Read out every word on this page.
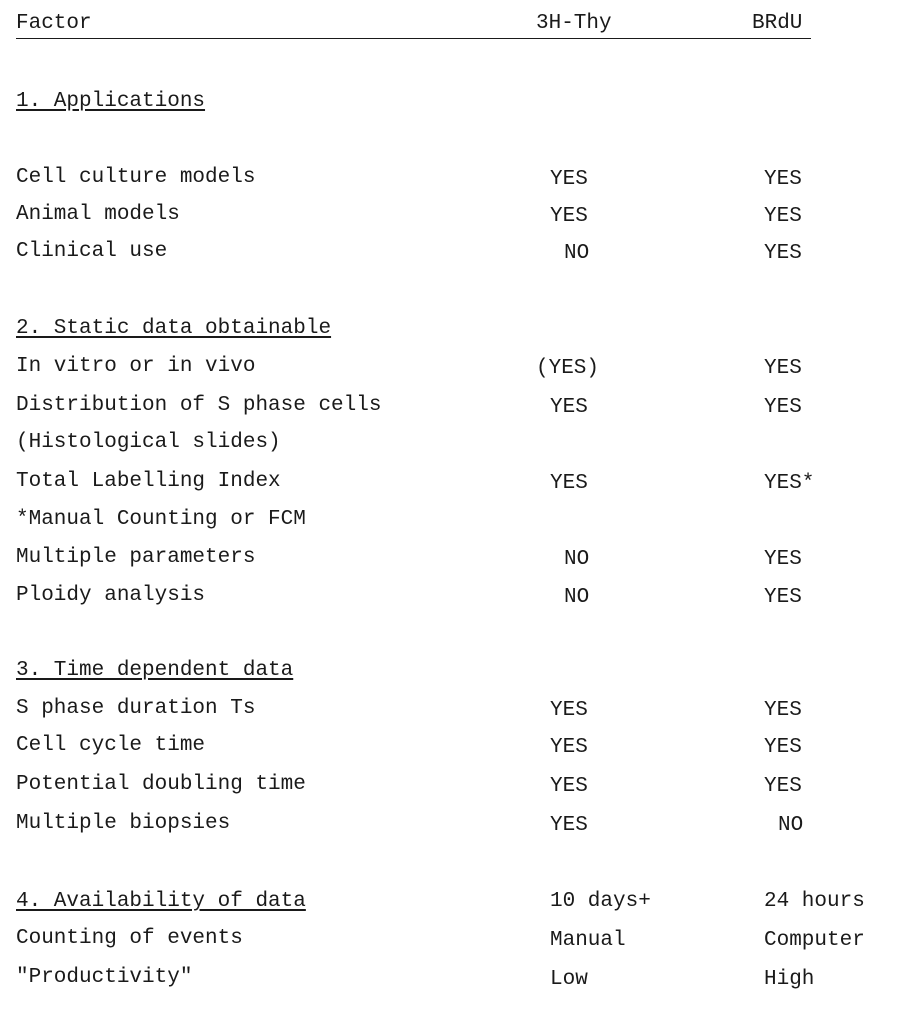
Factor	3H-Thy	BRdU
1. Applications
Cell culture models	YES	YES
Animal models	YES	YES
Clinical use	NO	YES
2. Static data obtainable
In vitro or in vivo	(YES)	YES
Distribution of S phase cells	YES	YES
(Histological slides)
Total Labelling Index	YES	YES*
*Manual Counting or FCM
Multiple parameters	NO	YES
Ploidy analysis	NO	YES
3. Time dependent data
S phase duration Ts	YES	YES
Cell cycle time	YES	YES
Potential doubling time	YES	YES
Multiple biopsies	YES	NO
4. Availability of data	10 days+	24 hours
Counting of events	Manual	Computer
"Productivity"	Low	High
